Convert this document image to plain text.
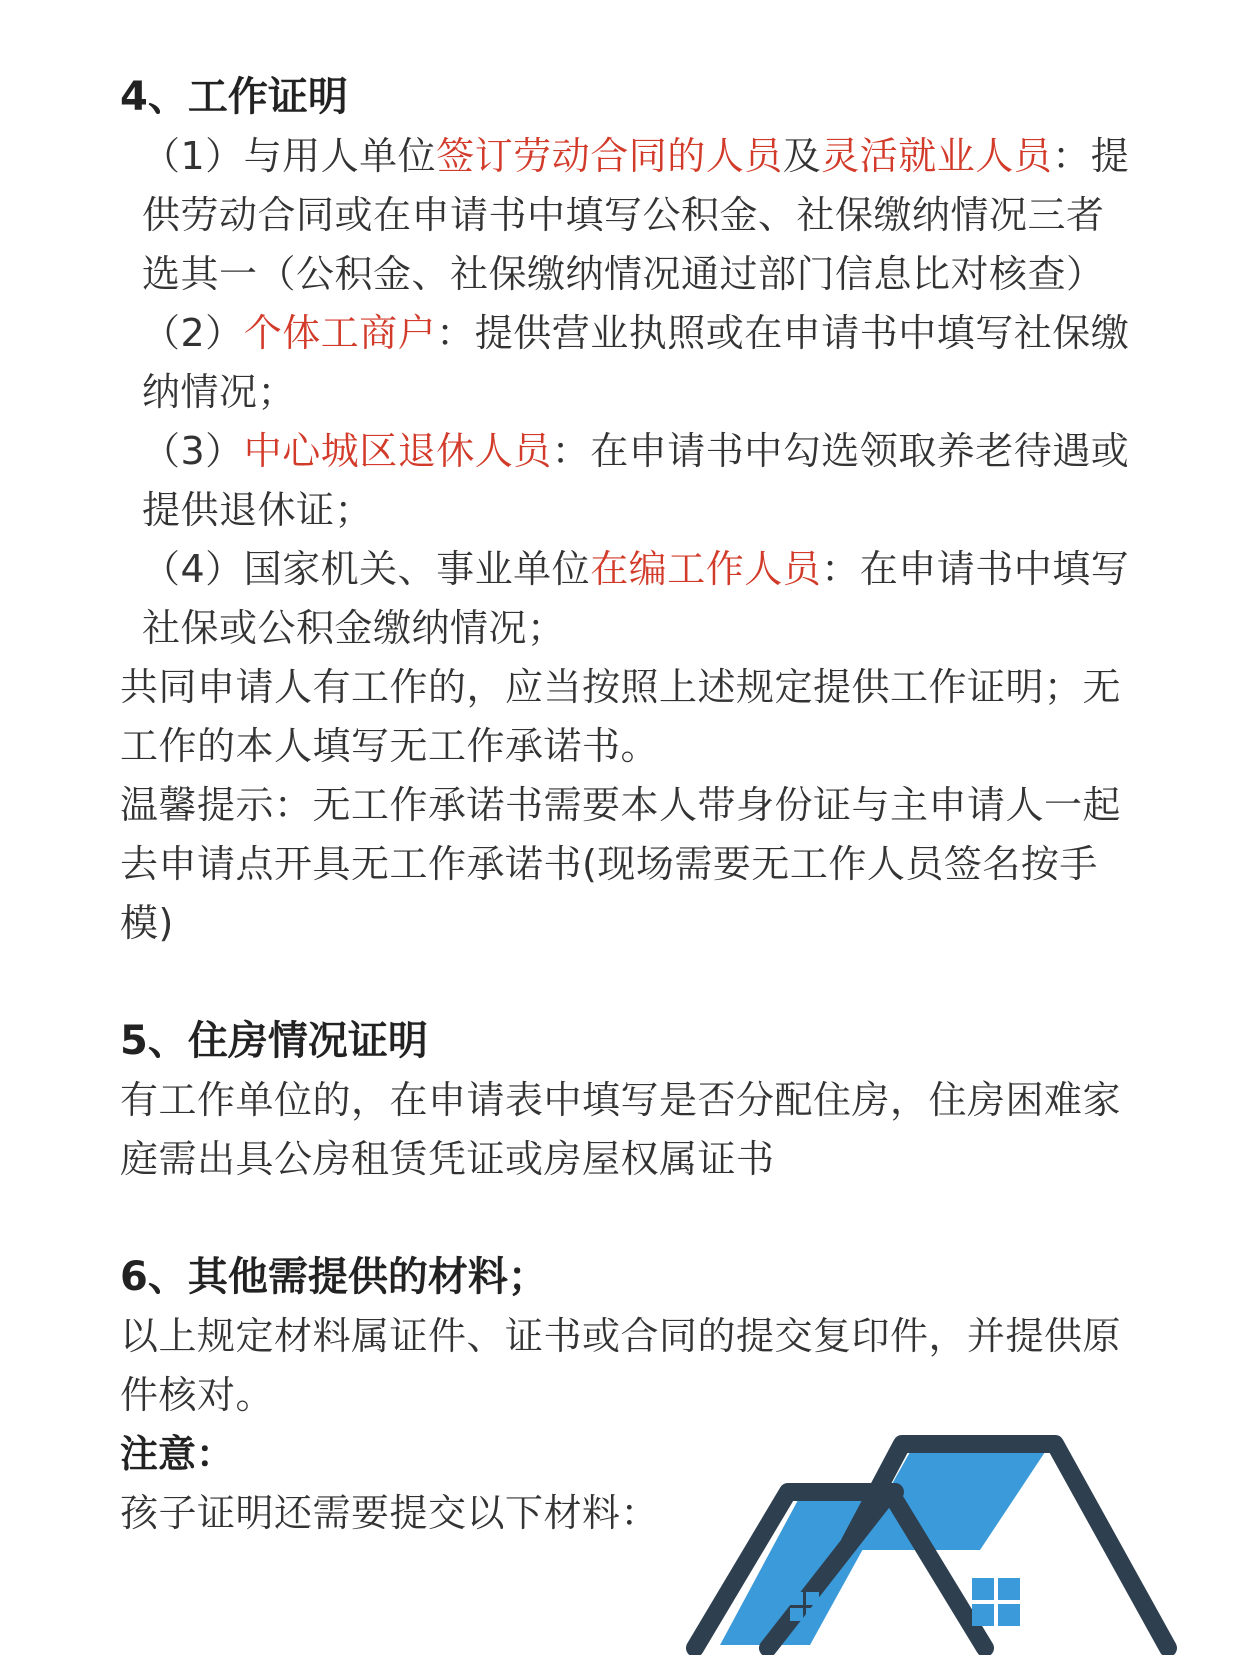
4、工作证明

（1）与用人单位签订劳动合同的人员及灵活就业人员：提供劳动合同或在申请书中填写公积金、社保缴纳情况三者选其一（公积金、社保缴纳情况通过部门信息比对核查）

（2）个体工商户：提供营业执照或在申请书中填写社保缴纳情况；

（3）中心城区退休人员：在申请书中勾选领取养老待遇或提供退休证；

（4）国家机关、事业单位在编工作人员：在申请书中填写社保或公积金缴纳情况；

共同申请人有工作的，应当按照上述规定提供工作证明；无工作的本人填写无工作承诺书。

温馨提示：无工作承诺书需要本人带身份证与主申请人一起去申请点开具无工作承诺书(现场需要无工作人员签名按手模)

5、住房情况证明

有工作单位的，在申请表中填写是否分配住房，住房困难家庭需出具公房租赁凭证或房屋权属证书

6、其他需提供的材料；

以上规定材料属证件、证书或合同的提交复印件，并提供原件核对。

注意：

孩子证明还需要提交以下材料：
